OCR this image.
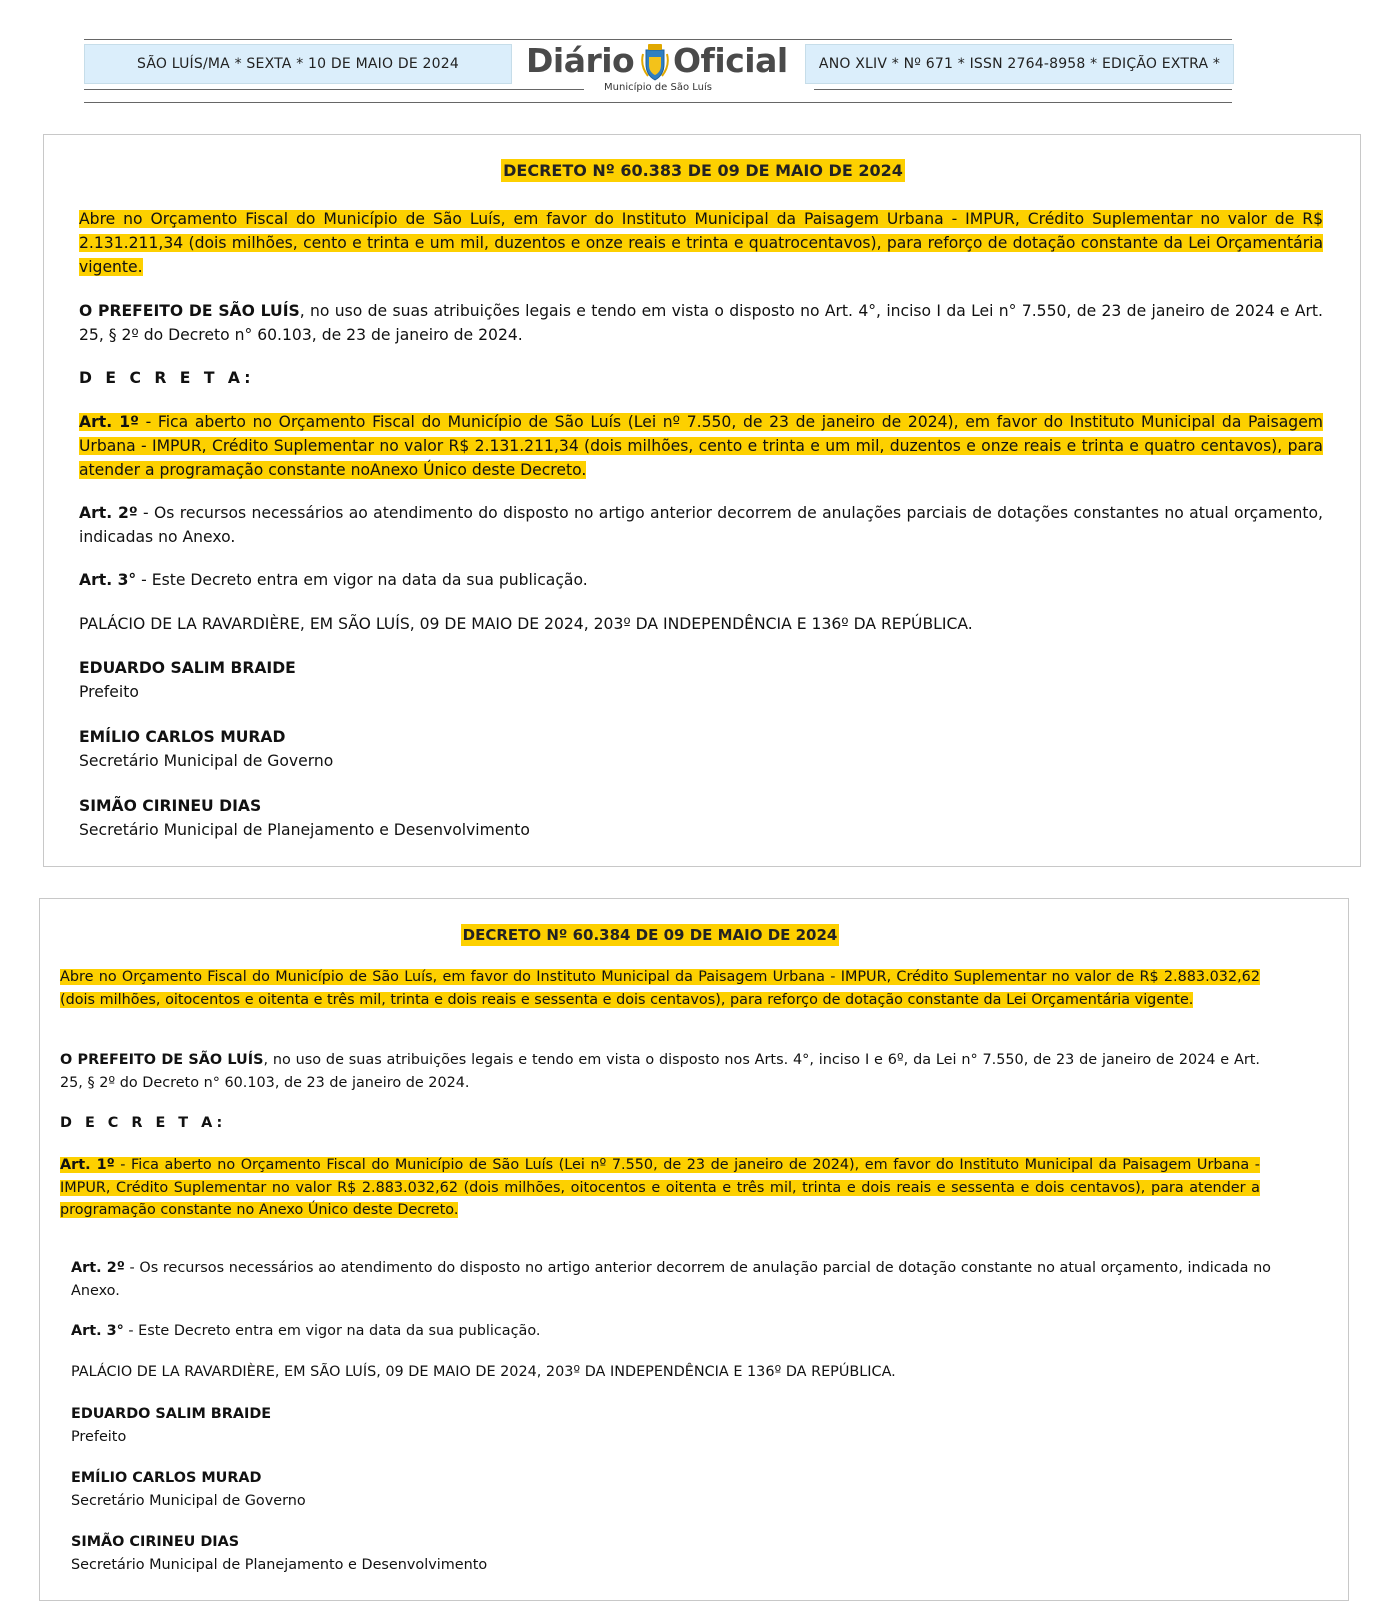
SÃO LUÍS/MA * SEXTA * 10 DE MAIO DE 2024	Diário Oficial
Município de São Luís
ANO XLIV * Nº 671 * ISSN 2764-8958 * EDIÇÃO EXTRA *

DECRETO Nº 60.383 DE 09 DE MAIO DE 2024

Abre no Orçamento Fiscal do Município de São Luís, em favor do Instituto Municipal da Paisagem Urbana - IMPUR, Crédito Suplementar no valor de R$ 2.131.211,34 (dois milhões, cento e trinta e um mil, duzentos e onze reais e trinta e quatrocentavos), para reforço de dotação constante da Lei Orçamentária vigente.

O PREFEITO DE SÃO LUÍS, no uso de suas atribuições legais e tendo em vista o disposto no Art. 4°, inciso I da Lei n° 7.550, de 23 de janeiro de 2024 e Art. 25, § 2º do Decreto n° 60.103, de 23 de janeiro de 2024.

D E C R E T A:

Art. 1º - Fica aberto no Orçamento Fiscal do Município de São Luís (Lei nº 7.550, de 23 de janeiro de 2024), em favor do Instituto Municipal da Paisagem Urbana - IMPUR, Crédito Suplementar no valor R$ 2.131.211,34 (dois milhões, cento e trinta e um mil, duzentos e onze reais e trinta e quatro centavos), para atender a programação constante noAnexo Único deste Decreto.

Art. 2º - Os recursos necessários ao atendimento do disposto no artigo anterior decorrem de anulações parciais de dotações constantes no atual orçamento, indicadas no Anexo.

Art. 3° - Este Decreto entra em vigor na data da sua publicação.

PALÁCIO DE LA RAVARDIÈRE, EM SÃO LUÍS, 09 DE MAIO DE 2024, 203º DA INDEPENDÊNCIA E 136º DA REPÚBLICA.

EDUARDO SALIM BRAIDE
Prefeito

EMÍLIO CARLOS MURAD
Secretário Municipal de Governo

SIMÃO CIRINEU DIAS
Secretário Municipal de Planejamento e Desenvolvimento

DECRETO Nº 60.384 DE 09 DE MAIO DE 2024

Abre no Orçamento Fiscal do Município de São Luís, em favor do Instituto Municipal da Paisagem Urbana - IMPUR, Crédito Suplementar no valor de R$ 2.883.032,62 (dois milhões, oitocentos e oitenta e três mil, trinta e dois reais e sessenta e dois centavos), para reforço de dotação constante da Lei Orçamentária vigente.

O PREFEITO DE SÃO LUÍS, no uso de suas atribuições legais e tendo em vista o disposto nos Arts. 4°, inciso I e 6º, da Lei n° 7.550, de 23 de janeiro de 2024 e Art. 25, § 2º do Decreto n° 60.103, de 23 de janeiro de 2024.

D E C R E T A:

Art. 1º - Fica aberto no Orçamento Fiscal do Município de São Luís (Lei nº 7.550, de 23 de janeiro de 2024), em favor do Instituto Municipal da Paisagem Urbana - IMPUR, Crédito Suplementar no valor R$ 2.883.032,62 (dois milhões, oitocentos e oitenta e três mil, trinta e dois reais e sessenta e dois centavos), para atender a programação constante no Anexo Único deste Decreto.

Art. 2º - Os recursos necessários ao atendimento do disposto no artigo anterior decorrem de anulação parcial de dotação constante no atual orçamento, indicada no Anexo.

Art. 3° - Este Decreto entra em vigor na data da sua publicação.

PALÁCIO DE LA RAVARDIÈRE, EM SÃO LUÍS, 09 DE MAIO DE 2024, 203º DA INDEPENDÊNCIA E 136º DA REPÚBLICA.

EDUARDO SALIM BRAIDE
Prefeito

EMÍLIO CARLOS MURAD
Secretário Municipal de Governo

SIMÃO CIRINEU DIAS
Secretário Municipal de Planejamento e Desenvolvimento
